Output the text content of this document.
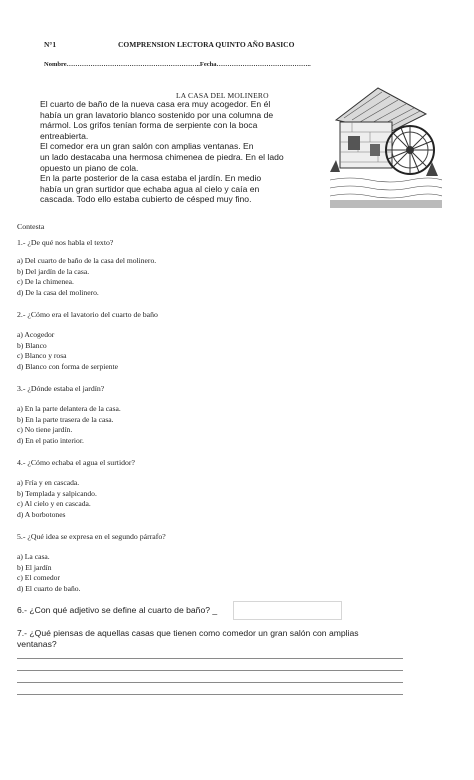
N°1	COMPRENSION LECTORA QUINTO AÑO BASICO
Nombre……………………………………………………..Fecha……………………………………..
LA CASA DEL MOLINERO
El cuarto de baño de la nueva casa era muy acogedor. En él
había un gran lavatorio blanco sostenido por una columna de
mármol. Los grifos tenían forma de serpiente con la boca
entreabierta.
El comedor era un gran salón con amplias ventanas. En
un lado destacaba una hermosa chimenea de piedra. En el lado
opuesto un piano de cola.
En la parte posterior de la casa estaba el jardín. En medio
había un gran surtidor que echaba agua al cielo y caía en
cascada. Todo ello estaba cubierto de césped muy fino.
Contesta
1.- ¿De qué nos habla el texto?
a) Del cuarto de baño de la casa del molinero.
b) Del jardín de la casa.
c) De la chimenea.
d) De la casa del molinero.
2.- ¿Cómo era el lavatorio del cuarto de baño
a) Acogedor
b) Blanco
c) Blanco y rosa
d) Blanco con forma de serpiente
3.- ¿Dónde estaba el jardín?
a) En la parte delantera de la casa.
b) En la parte trasera de la casa.
c) No tiene jardín.
d) En el patio interior.
4.- ¿Cómo echaba el agua el surtidor?
a) Fría y en cascada.
b) Templada y salpicando.
c) Al cielo y en cascada.
d) A borbotones
5.- ¿Qué idea se expresa en el segundo párrafo?
a) La casa.
b) El jardín
c) El comedor
d) El cuarto de baño.
6.- ¿Con qué adjetivo se define al cuarto de baño? _
7.- ¿Qué piensas de aquellas casas que tienen como comedor un gran salón con amplias
ventanas?
